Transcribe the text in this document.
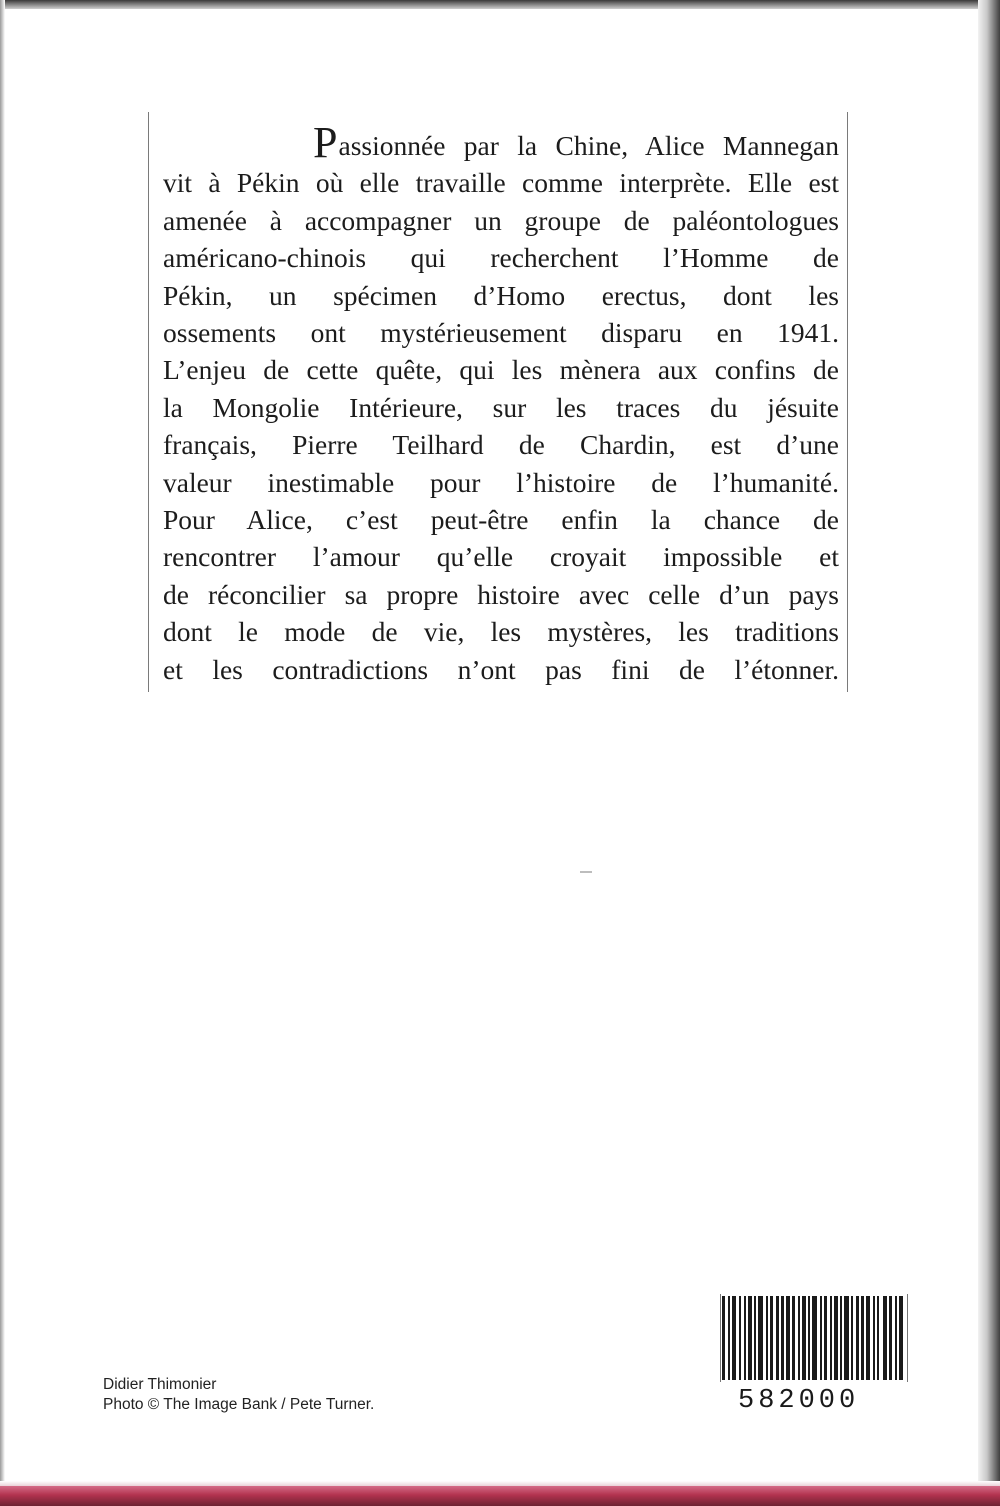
Passionnée par la Chine, Alice Mannegan
vit à Pékin où elle travaille comme interprète. Elle est
amenée à accompagner un groupe de paléontologues
américano-chinois qui recherchent l’Homme de
Pékin, un spécimen d’Homo erectus, dont les
ossements ont mystérieusement disparu en 1941.
L’enjeu de cette quête, qui les mènera aux confins de
la Mongolie Intérieure, sur les traces du jésuite
français, Pierre Teilhard de Chardin, est d’une
valeur inestimable pour l’histoire de l’humanité.
Pour Alice, c’est peut-être enfin la chance de
rencontrer l’amour qu’elle croyait impossible et
de réconcilier sa propre histoire avec celle d’un pays
dont le mode de vie, les mystères, les traditions
et les contradictions n’ont pas fini de l’étonner.
Didier Thimonier
Photo © The Image Bank / Pete Turner.	582000
